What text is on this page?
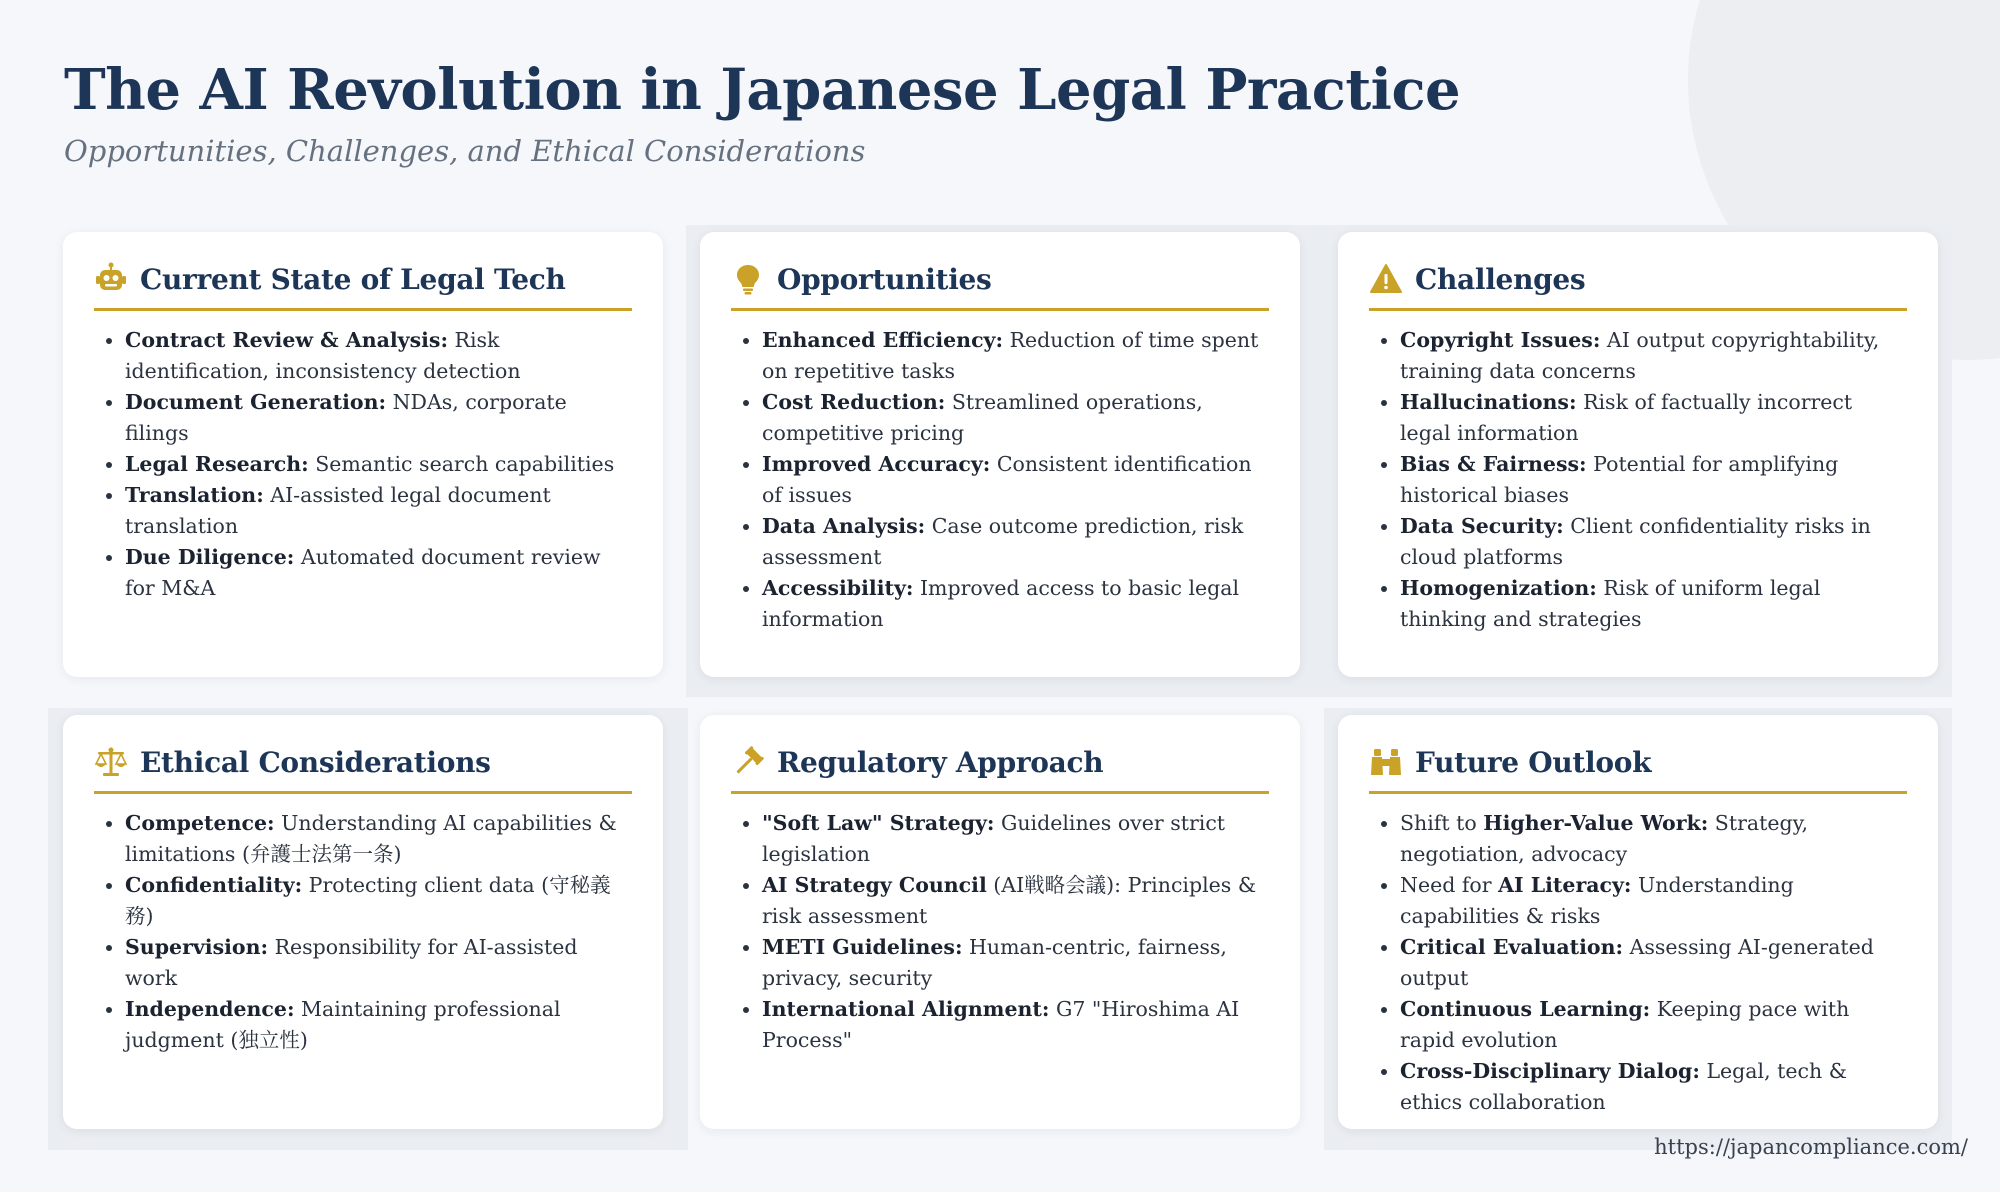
The AI Revolution in Japanese Legal Practice
Opportunities, Challenges, and Ethical Considerations
Current State of Legal Tech
• Contract Review & Analysis: Risk identification, inconsistency detection
• Document Generation: NDAs, corporate filings
• Legal Research: Semantic search capabilities
• Translation: AI-assisted legal document translation
• Due Diligence: Automated document review for M&A
Opportunities
• Enhanced Efficiency: Reduction of time spent on repetitive tasks
• Cost Reduction: Streamlined operations, competitive pricing
• Improved Accuracy: Consistent identification of issues
• Data Analysis: Case outcome prediction, risk assessment
• Accessibility: Improved access to basic legal information
Challenges
• Copyright Issues: AI output copyrightability, training data concerns
• Hallucinations: Risk of factually incorrect legal information
• Bias & Fairness: Potential for amplifying historical biases
• Data Security: Client confidentiality risks in cloud platforms
• Homogenization: Risk of uniform legal thinking and strategies
Ethical Considerations
• Competence: Understanding AI capabilities & limitations (弁護士法第一条)
• Confidentiality: Protecting client data (守秘義務)
• Supervision: Responsibility for AI-assisted work
• Independence: Maintaining professional judgment (独立性)
Regulatory Approach
• "Soft Law" Strategy: Guidelines over strict legislation
• AI Strategy Council (AI戦略会議): Principles & risk assessment
• METI Guidelines: Human-centric, fairness, privacy, security
• International Alignment: G7 "Hiroshima AI Process"
Future Outlook
• Shift to Higher-Value Work: Strategy, negotiation, advocacy
• Need for AI Literacy: Understanding capabilities & risks
• Critical Evaluation: Assessing AI-generated output
• Continuous Learning: Keeping pace with rapid evolution
• Cross-Disciplinary Dialog: Legal, tech & ethics collaboration
https://japancompliance.com/
